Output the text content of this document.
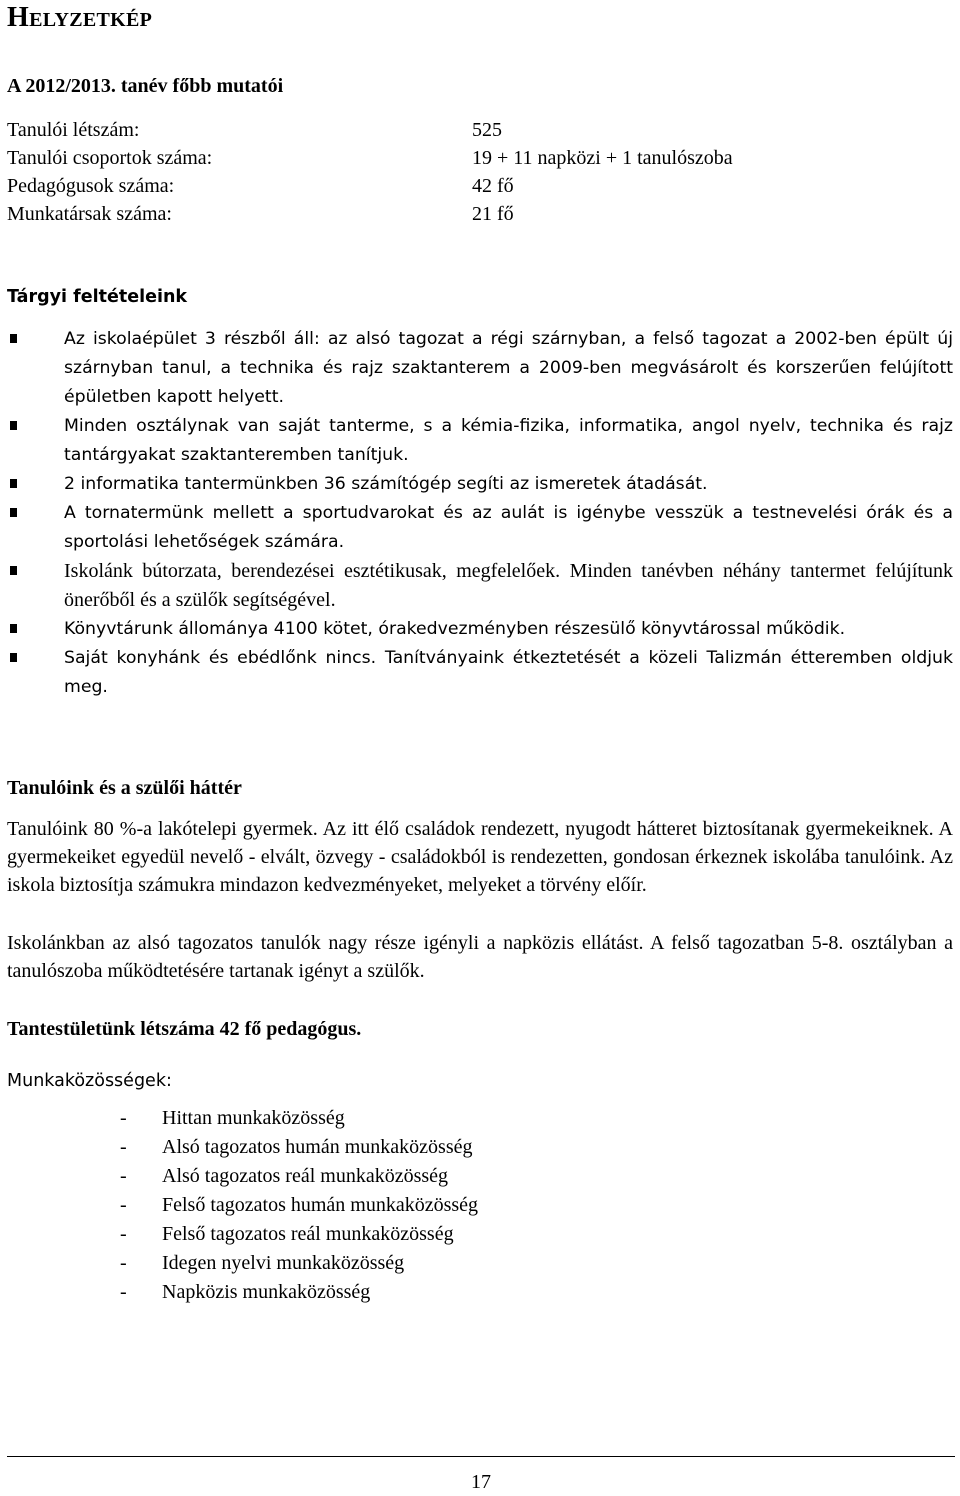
Helyzetkép

A 2012/2013. tanév főbb mutatói

Tanulói létszám:	525
Tanulói csoportok száma:	19 + 11 napközi + 1 tanulószoba
Pedagógusok száma:	42 fő
Munkatársak száma:	21 fő

Tárgyi feltételeink

Az iskolaépület 3 részből áll: az alsó tagozat a régi szárnyban, a felső tagozat a 2002-ben épült új szárnyban tanul, a technika és rajz szaktanterem a 2009-ben megvásárolt és korszerűen felújított épületben kapott helyett.
Minden osztálynak van saját tanterme, s a kémia-fizika, informatika, angol nyelv, technika és rajz tantárgyakat szaktanteremben tanítjuk.
2 informatika tantermünkben 36 számítógép segíti az ismeretek átadását.
A tornatermünk mellett a sportudvarokat és az aulát is igénybe vesszük a testnevelési órák és a sportolási lehetőségek számára.
Iskolánk bútorzata, berendezései esztétikusak, megfelelőek. Minden tanévben néhány tantermet felújítunk önerőből és a szülők segítségével.
Könyvtárunk állománya 4100 kötet, órakedvezményben részesülő könyvtárossal működik.
Saját konyhánk és ebédlőnk nincs. Tanítványaink étkeztetését a közeli Talizmán étteremben oldjuk meg.

Tanulóink és a szülői háttér

Tanulóink 80 %-a lakótelepi gyermek. Az itt élő családok rendezett, nyugodt hátteret biztosítanak gyermekeiknek. A gyermekeiket egyedül nevelő - elvált, özvegy - családokból is rendezetten, gondosan érkeznek iskolába tanulóink. Az iskola biztosítja számukra mindazon kedvezményeket, melyeket a törvény előír.

Iskolánkban az alsó tagozatos tanulók nagy része igényli a napközis ellátást. A felső tagozatban 5-8. osztályban a tanulószoba működtetésére tartanak igényt a szülők.

Tantestületünk létszáma 42 fő pedagógus.

Munkaközösségek:

-	Hittan munkaközösség
-	Alsó tagozatos humán munkaközösség
-	Alsó tagozatos reál munkaközösség
-	Felső tagozatos humán munkaközösség
-	Felső tagozatos reál munkaközösség
-	Idegen nyelvi munkaközösség
-	Napközis munkaközösség
17
